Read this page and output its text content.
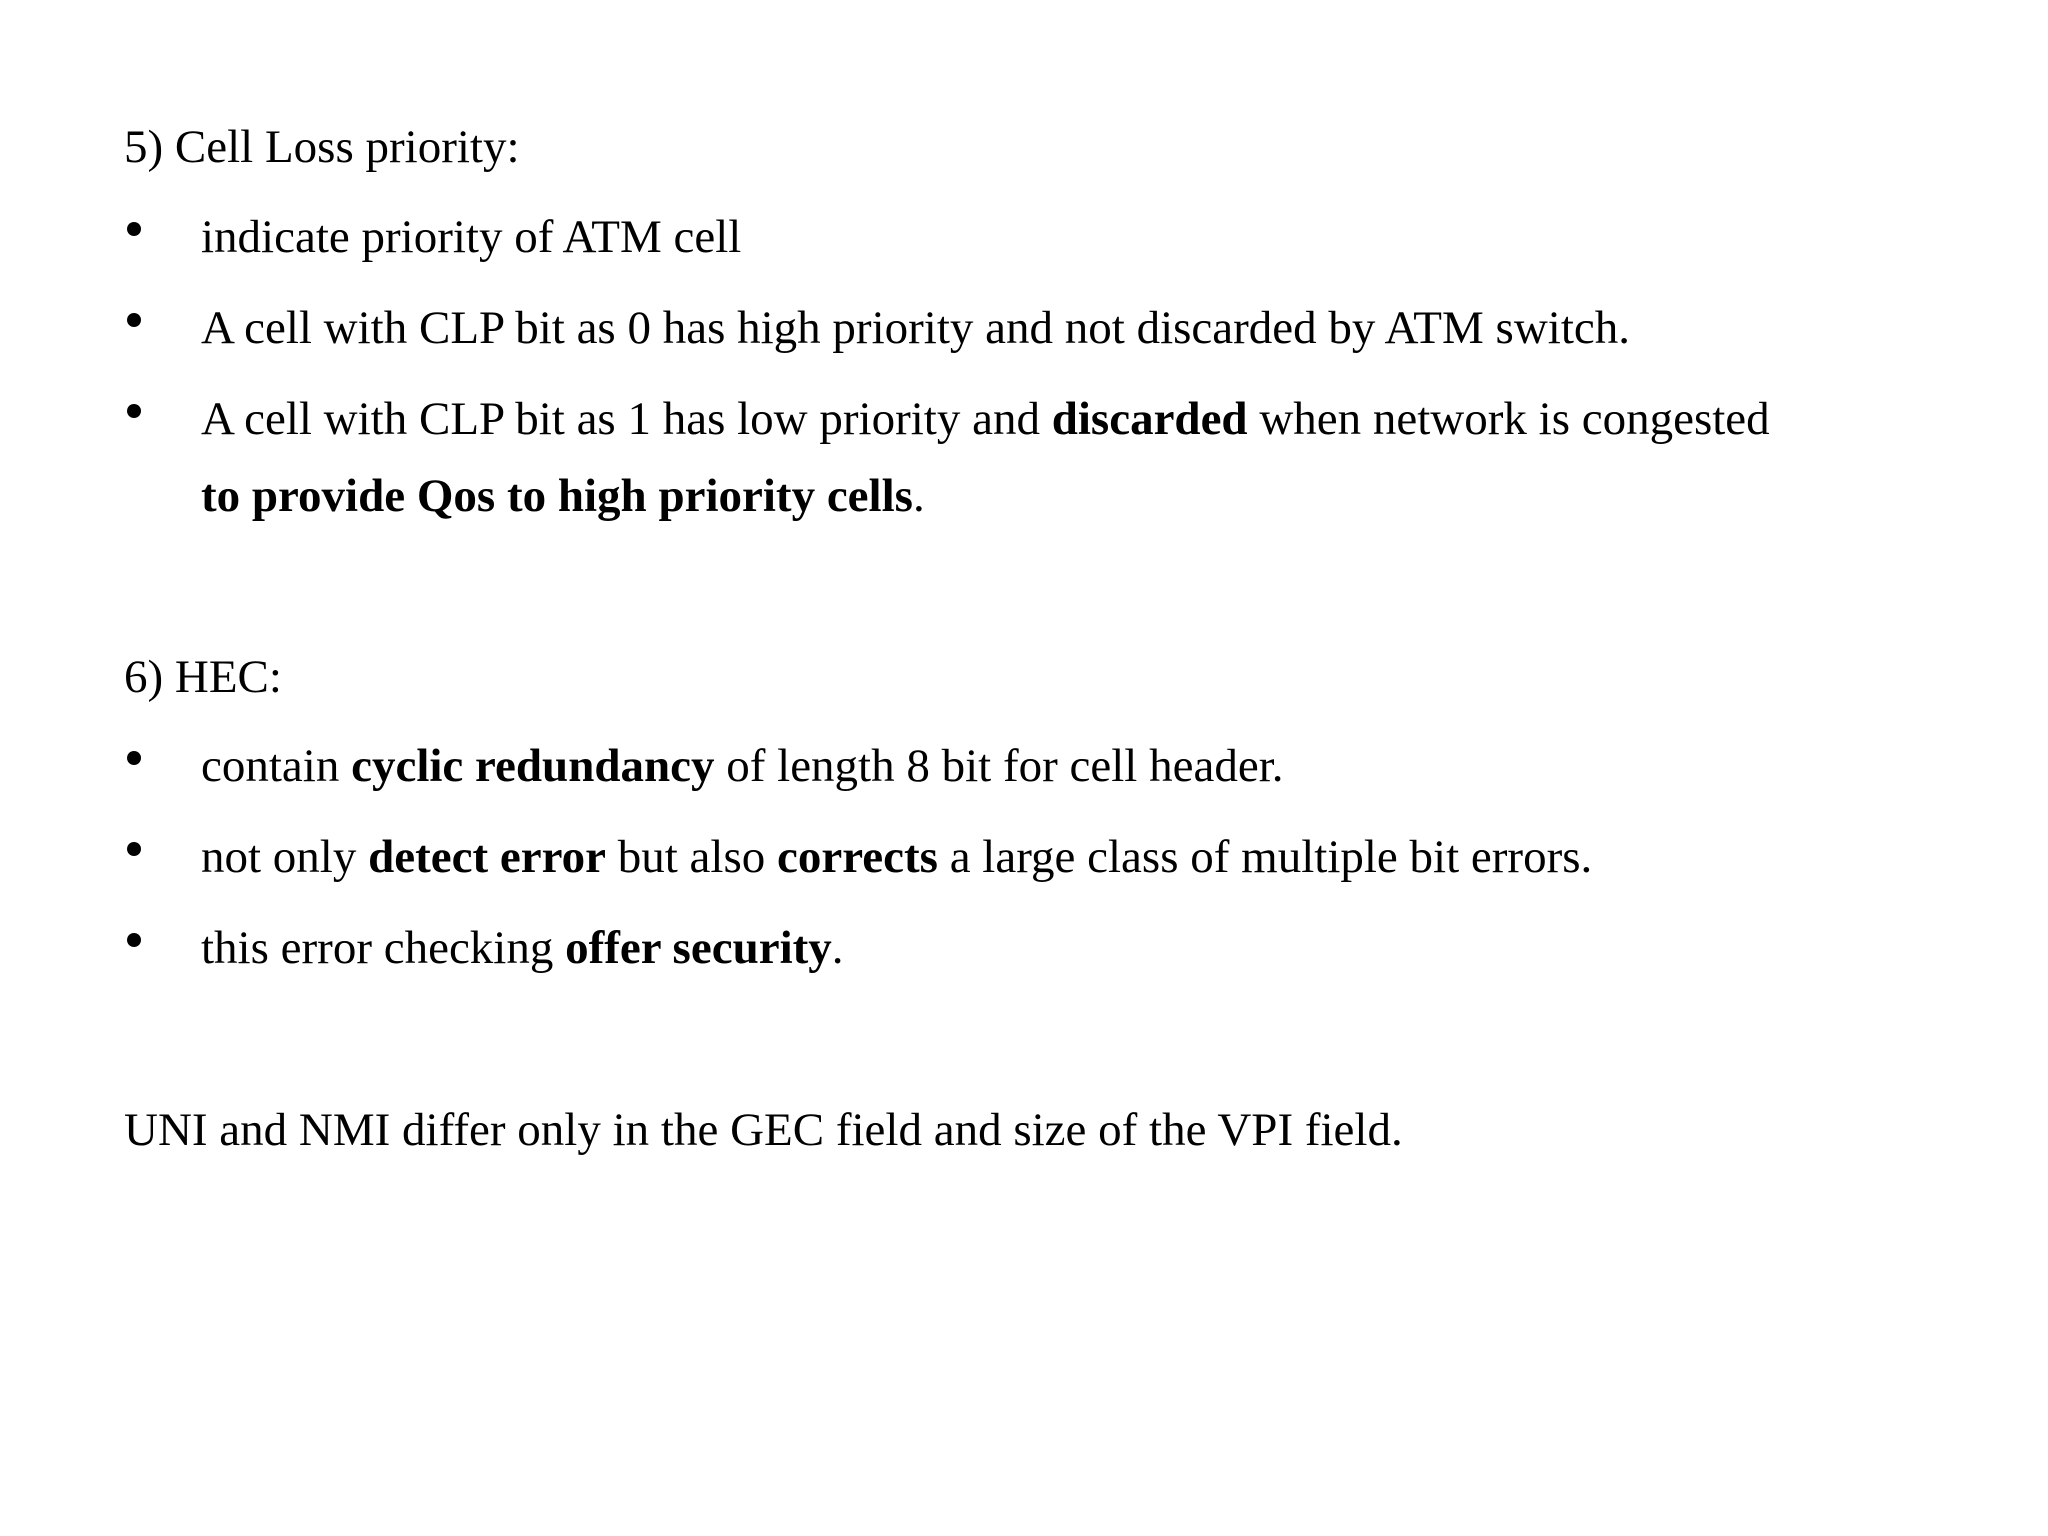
5) Cell Loss priority:
indicate priority of ATM cell
A cell with CLP bit as 0 has high priority and not discarded by ATM switch.
A cell with CLP bit as 1 has low priority and discarded when network is congested
to provide Qos to high priority cells.
6) HEC:
contain cyclic redundancy of length 8 bit for cell header.
not only detect error but also corrects a large class of multiple bit errors.
this error checking offer security.
UNI and NMI differ only in the GEC field and size of the VPI field.
